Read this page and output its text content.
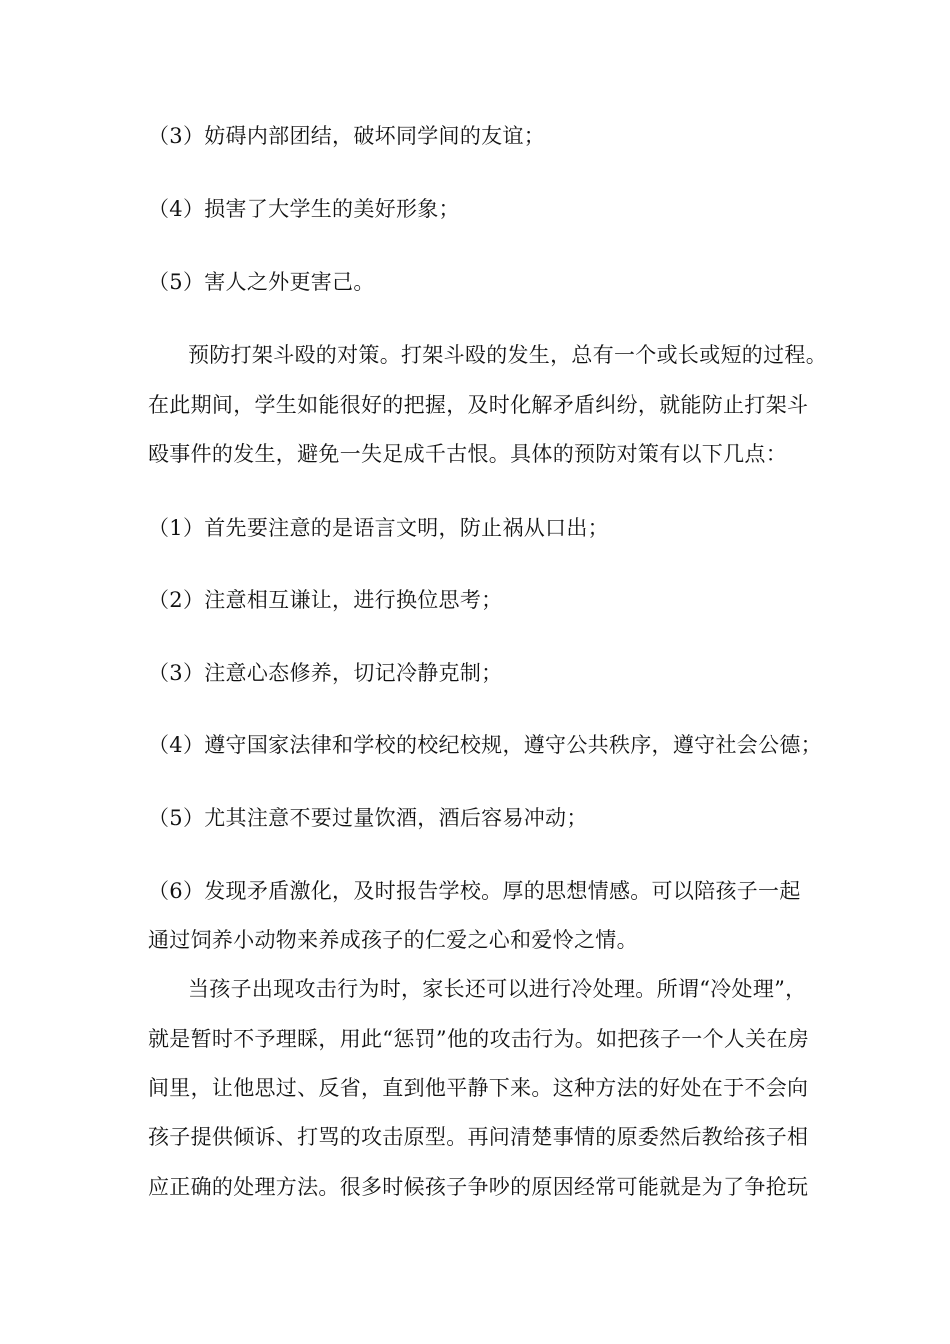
（3）妨碍内部团结，破坏同学间的友谊；
（4）损害了大学生的美好形象；
（5）害人之外更害己。
预防打架斗殴的对策。打架斗殴的发生，总有一个或长或短的过程。
在此期间，学生如能很好的把握，及时化解矛盾纠纷，就能防止打架斗
殴事件的发生，避免一失足成千古恨。具体的预防对策有以下几点：
（1）首先要注意的是语言文明，防止祸从口出；
（2）注意相互谦让，进行换位思考；
（3）注意心态修养，切记冷静克制；
（4）遵守国家法律和学校的校纪校规，遵守公共秩序，遵守社会公德；
（5）尤其注意不要过量饮酒，酒后容易冲动；
（6）发现矛盾激化，及时报告学校。厚的思想情感。可以陪孩子一起
通过饲养小动物来养成孩子的仁爱之心和爱怜之情。
当孩子出现攻击行为时，家长还可以进行冷处理。所谓“冷处理”，
就是暂时不予理睬，用此“惩罚”他的攻击行为。如把孩子一个人关在房
间里，让他思过、反省，直到他平静下来。这种方法的好处在于不会向
孩子提供倾诉、打骂的攻击原型。再问清楚事情的原委然后教给孩子相
应正确的处理方法。很多时候孩子争吵的原因经常可能就是为了争抢玩
